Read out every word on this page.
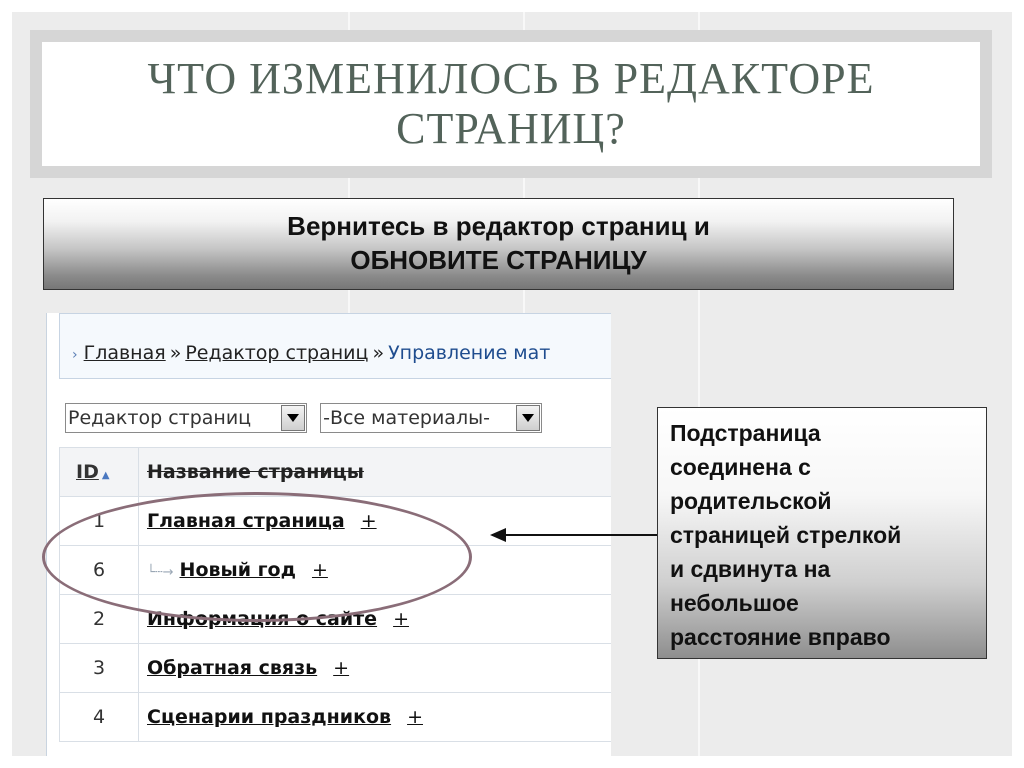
ЧТО ИЗМЕНИЛОСЬ В РЕДАКТОРЕ
СТРАНИЦ?
Вернитесь в редактор страниц и
ОБНОВИТЕ СТРАНИЦУ
› Главная » Редактор страниц » Управление мат
Редактор страниц	-Все материалы-
ID ▲	Название страницы
1	Главная страница +
6	└┄→ Новый год +
2	Информация о сайте +
3	Обратная связь +
4	Сценарии праздников +
Подстраница
соединена с
родительской
страницей стрелкой
и сдвинута на
небольшое
расстояние вправо
